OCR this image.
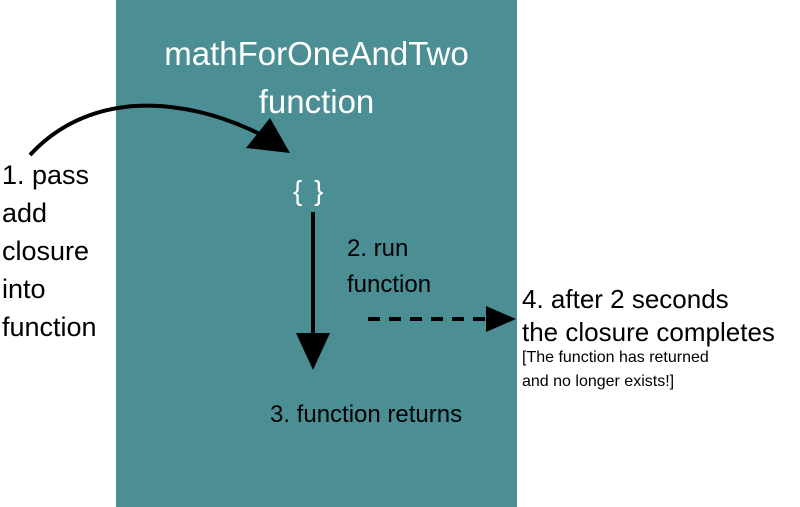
mathForOneAndTwo
function
{ }
1. pass
add
closure
into
function
2. run
function
3. function returns
4. after 2 seconds
the closure completes
[The function has returned
and no longer exists!]
